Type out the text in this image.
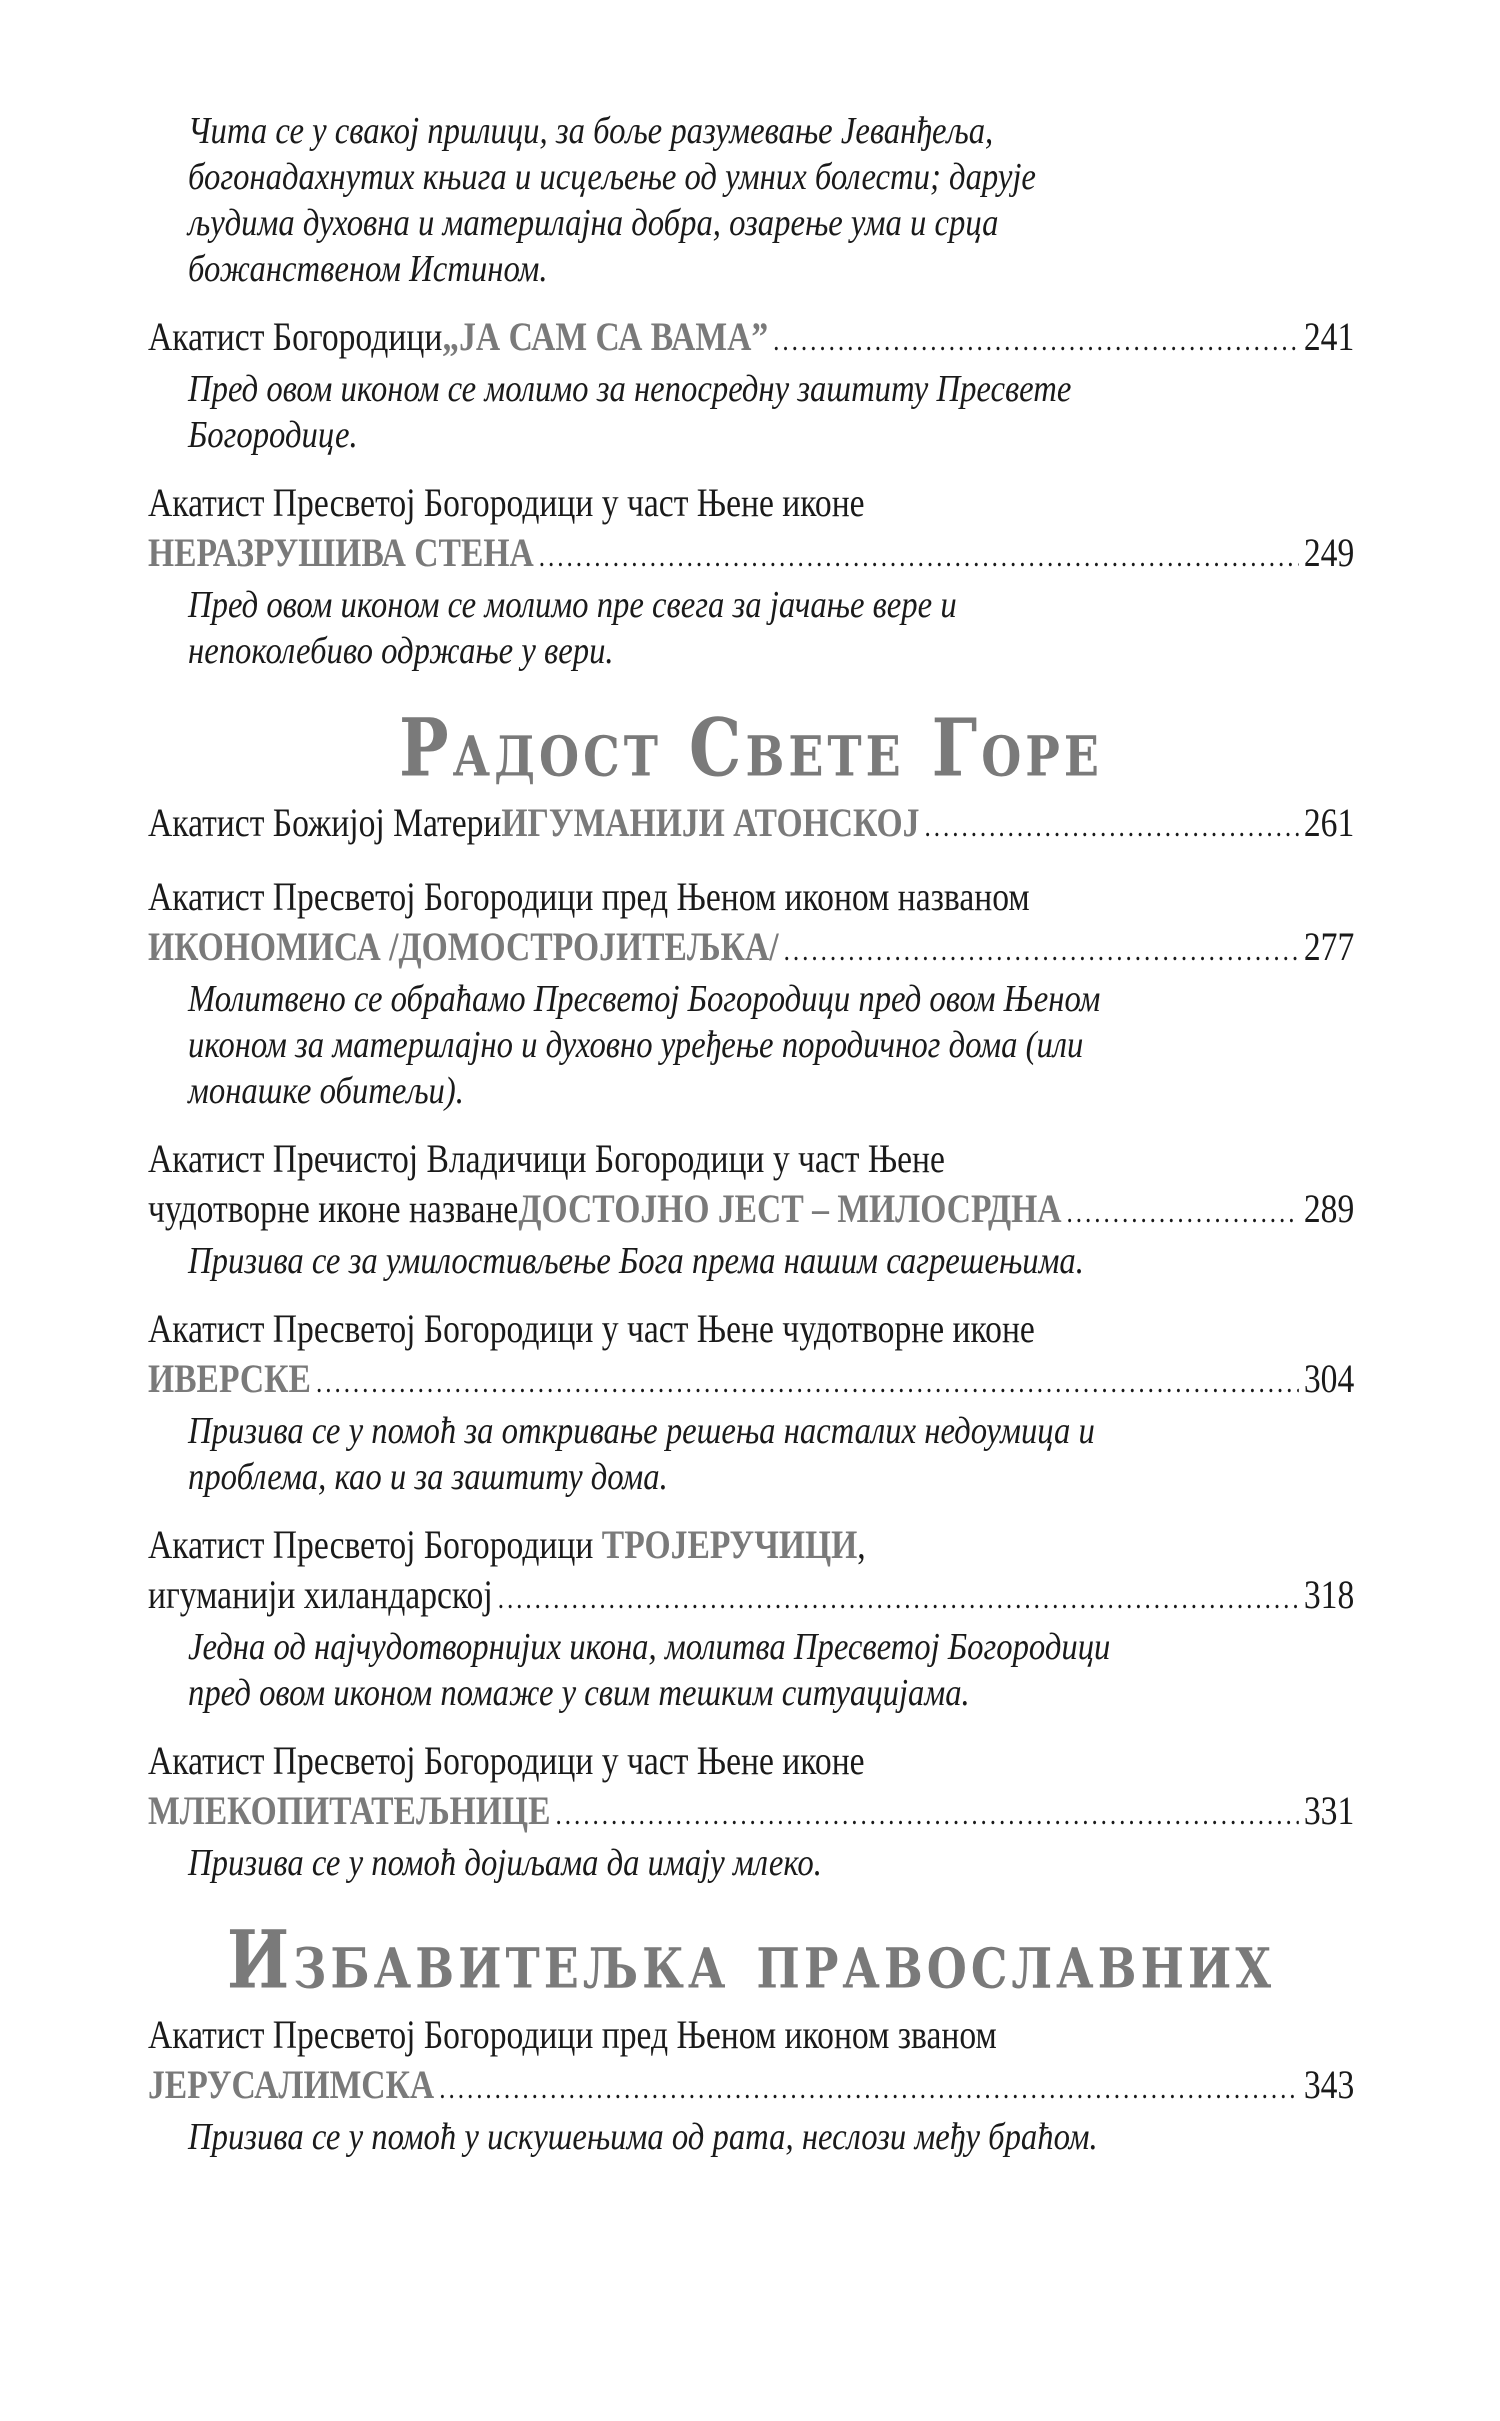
Чита се у свакој прилици, за боље разумевање Јеванђеља,
богонадахнутих књига и исцељење од умних болести; дарује
људима духовна и материлајна добра, озарење ума и срца
божанственом Истином.
Акатист Богородици „ЈА САМ СА ВАМА” . . .	241
Пред овом иконом се молимо за непосредну заштиту Пресвете
Богородице.
Акатист Пресветој Богородици у част Њене иконе
НЕРАЗРУШИВА СТЕНА . . .	249
Пред овом иконом се молимо пре свега за јачање вере и
непоколебиво одржање у вери.
Радост Свете Горе
Акатист Божијој Матери ИГУМАНИЈИ АТОНСКОЈ . . .	261
Акатист Пресветој Богородици пред Њеном иконом названом
ИКОНОМИСА /ДОМОСТРОЈИТЕЉКА/ . . .	277
Молитвено се обраћамо Пресветој Богородици пред овом Њеном
иконом за материлајно и духовно уређење породичног дома (или
монашке обитељи).
Акатист Пречистој Владичици Богородици у част Њене
чудотворне иконе назване ДОСТОЈНО ЈЕСТ – МИЛОСРДНА . . .	289
Призива се за умилостивљење Бога према нашим сагрешењима.
Акатист Пресветој Богородици у част Њене чудотворне иконе
ИВЕРСКЕ . . .	304
Призива се у помоћ за откривање решења насталих недоумица и
проблема, као и за заштиту дома.
Акатист Пресветој Богородици ТРОЈЕРУЧИЦИ,
игуманији хиландарској . . .	318
Једна од најчудотворнијих икона, молитва Пресветој Богородици
пред овом иконом помаже у свим тешким ситуацијама.
Акатист Пресветој Богородици у част Њене иконе
МЛЕКОПИТАТЕЉНИЦЕ . . .	331
Призива се у помоћ дојиљама да имају млеко.
Избавитељка православних
Акатист Пресветој Богородици пред Њеном иконом званом
ЈЕРУСАЛИМСКА . . .	343
Призива се у помоћ у искушењима од рата, неслози међу браћом.
